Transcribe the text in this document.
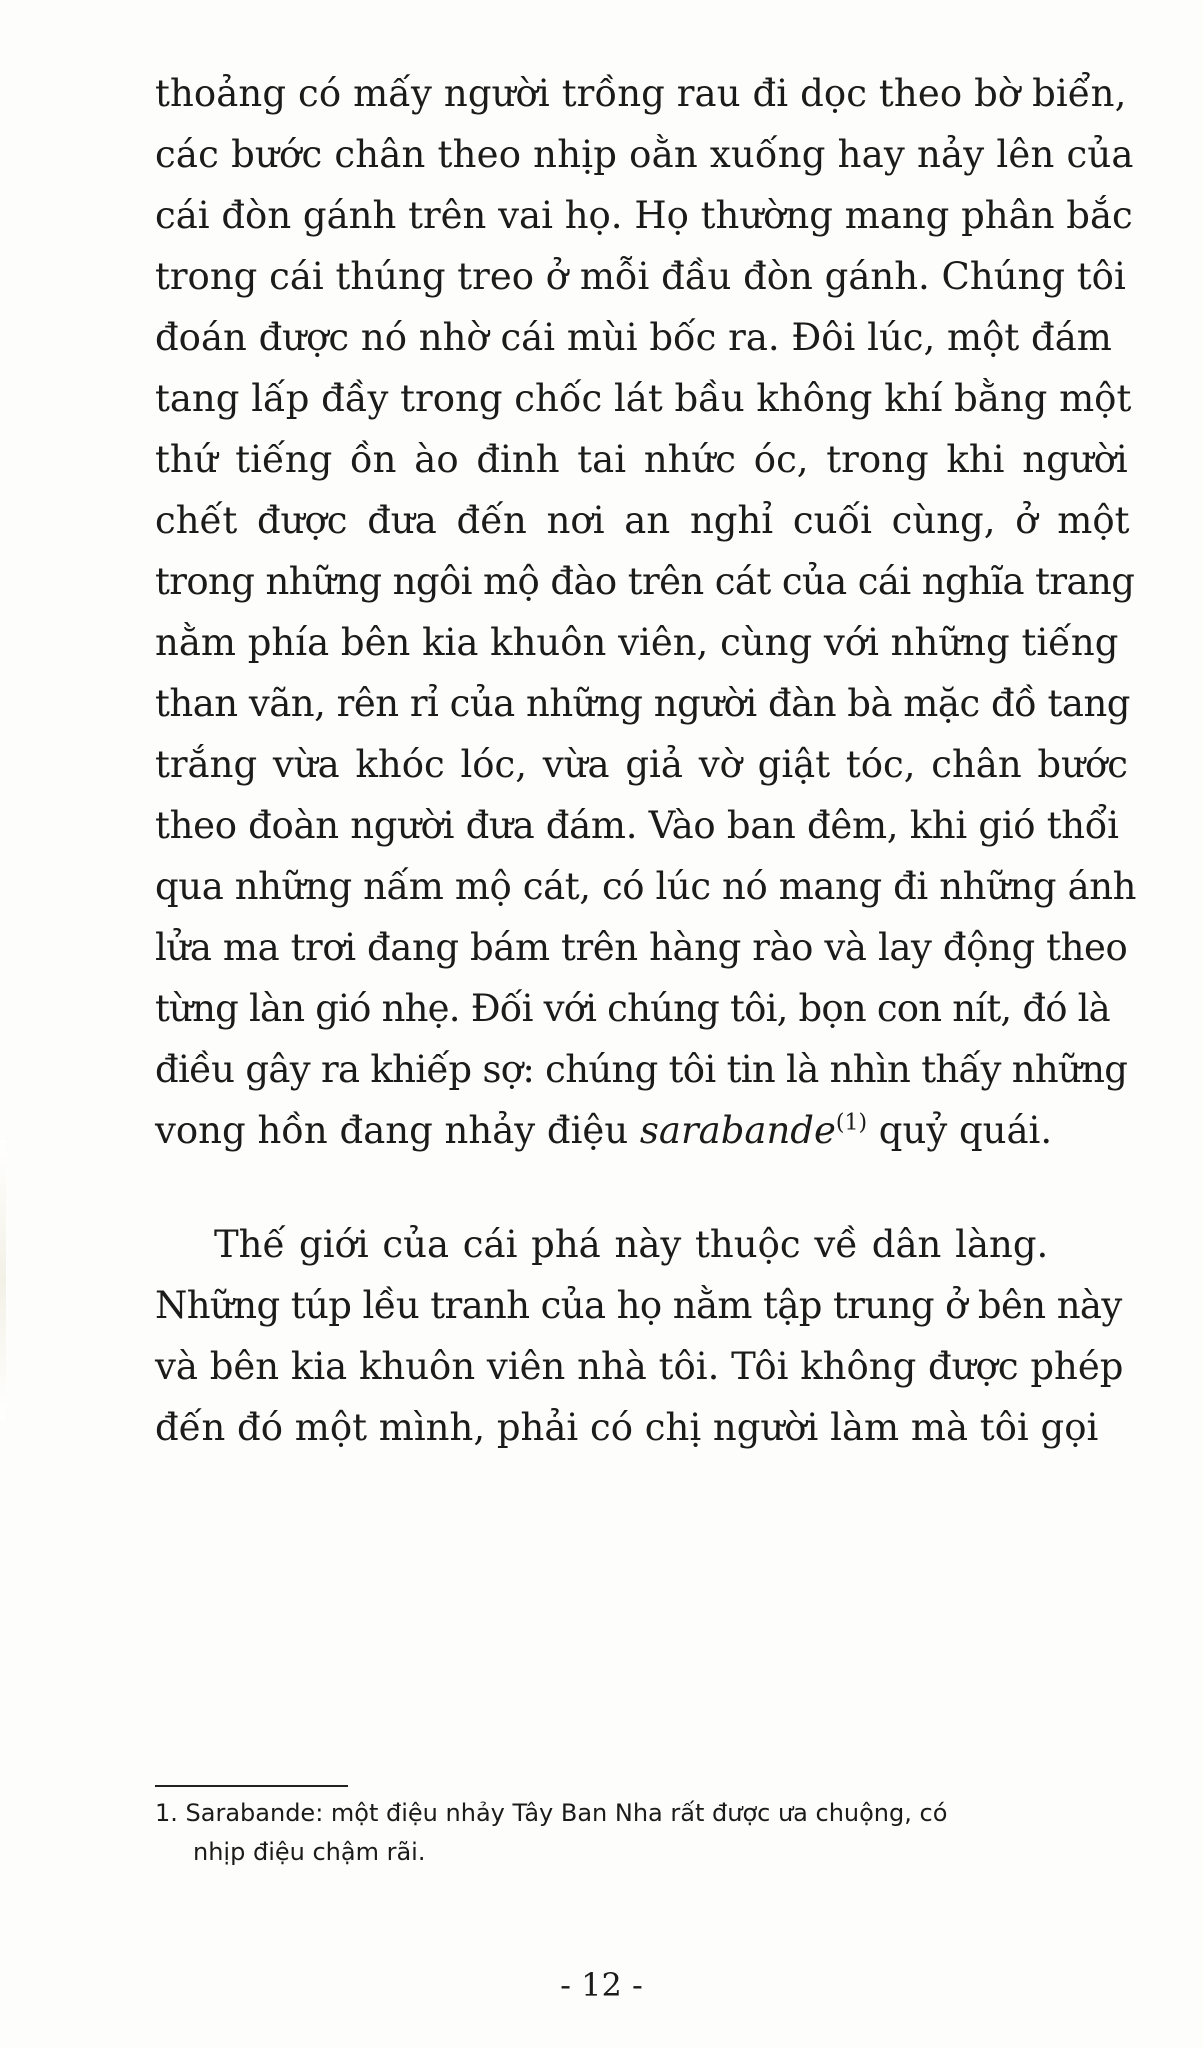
thoảng có mấy người trồng rau đi dọc theo bờ biển,
các bước chân theo nhịp oằn xuống hay nảy lên của
cái đòn gánh trên vai họ. Họ thường mang phân bắc
trong cái thúng treo ở mỗi đầu đòn gánh. Chúng tôi
đoán được nó nhờ cái mùi bốc ra. Đôi lúc, một đám
tang lấp đầy trong chốc lát bầu không khí bằng một
thứ tiếng ồn ào đinh tai nhức óc, trong khi người
chết được đưa đến nơi an nghỉ cuối cùng, ở một
trong những ngôi mộ đào trên cát của cái nghĩa trang
nằm phía bên kia khuôn viên, cùng với những tiếng
than vãn, rên rỉ của những người đàn bà mặc đồ tang
trắng vừa khóc lóc, vừa giả vờ giật tóc, chân bước
theo đoàn người đưa đám. Vào ban đêm, khi gió thổi
qua những nấm mộ cát, có lúc nó mang đi những ánh
lửa ma trơi đang bám trên hàng rào và lay động theo
từng làn gió nhẹ. Đối với chúng tôi, bọn con nít, đó là
điều gây ra khiếp sợ: chúng tôi tin là nhìn thấy những
vong hồn đang nhảy điệu sarabande$^{(1)}$ quỷ quái.
Thế giới của cái phá này thuộc về dân làng.
Những túp lều tranh của họ nằm tập trung ở bên này
và bên kia khuôn viên nhà tôi. Tôi không được phép
đến đó một mình, phải có chị người làm mà tôi gọi
1. Sarabande: một điệu nhảy Tây Ban Nha rất được ưa chuộng, có
nhịp điệu chậm rãi.
- 12 -
